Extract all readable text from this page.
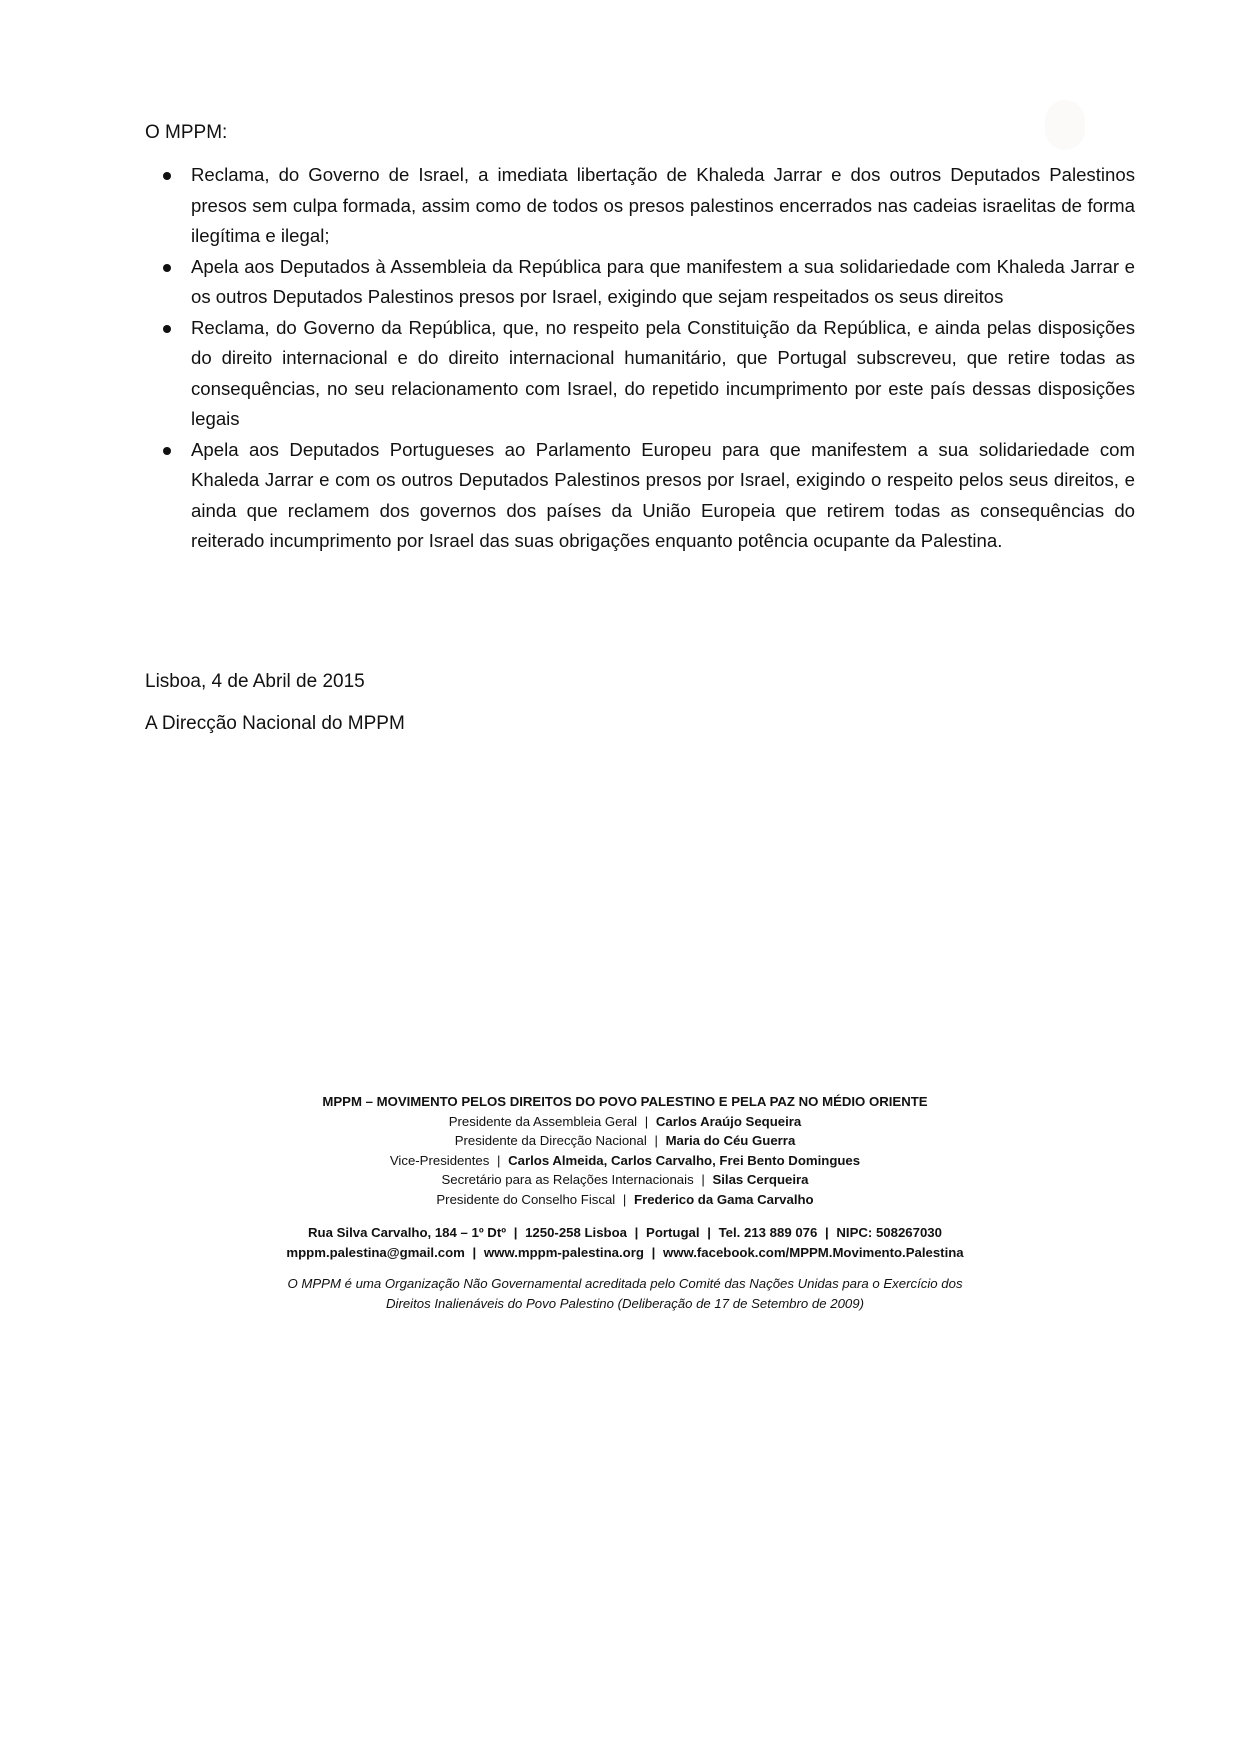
O MPPM:
Reclama, do Governo de Israel, a imediata libertação de Khaleda Jarrar e dos outros Deputados Palestinos presos sem culpa formada, assim como de todos os presos palestinos encerrados nas cadeias israelitas de forma ilegítima e ilegal;
Apela aos Deputados à Assembleia da República para que manifestem a sua solidariedade com Khaleda Jarrar e os outros Deputados Palestinos presos por Israel, exigindo que sejam respeitados os seus direitos
Reclama, do Governo da República, que, no respeito pela Constituição da República, e ainda pelas disposições do direito internacional e do direito internacional humanitário, que Portugal subscreveu, que retire todas as consequências, no seu relacionamento com Israel, do repetido incumprimento por este país dessas disposições legais
Apela aos Deputados Portugueses ao Parlamento Europeu para que manifestem a sua solidariedade com Khaleda Jarrar e com os outros Deputados Palestinos presos por Israel, exigindo o respeito pelos seus direitos, e ainda que reclamem dos governos dos países da União Europeia que retirem todas as consequências do reiterado incumprimento por Israel das suas obrigações enquanto potência ocupante da Palestina.
Lisboa, 4 de Abril de 2015
A Direcção Nacional do MPPM
MPPM – MOVIMENTO PELOS DIREITOS DO POVO PALESTINO E PELA PAZ NO MÉDIO ORIENTE
Presidente da Assembleia Geral | Carlos Araújo Sequeira
Presidente da Direcção Nacional | Maria do Céu Guerra
Vice-Presidentes | Carlos Almeida, Carlos Carvalho, Frei Bento Domingues
Secretário para as Relações Internacionais | Silas Cerqueira
Presidente do Conselho Fiscal | Frederico da Gama Carvalho
Rua Silva Carvalho, 184 – 1º Dtº | 1250-258 Lisboa | Portugal | Tel. 213 889 076 | NIPC: 508267030
mppm.palestina@gmail.com | www.mppm-palestina.org | www.facebook.com/MPPM.Movimento.Palestina
O MPPM é uma Organização Não Governamental acreditada pelo Comité das Nações Unidas para o Exercício dos
Direitos Inalienáveis do Povo Palestino (Deliberação de 17 de Setembro de 2009)
